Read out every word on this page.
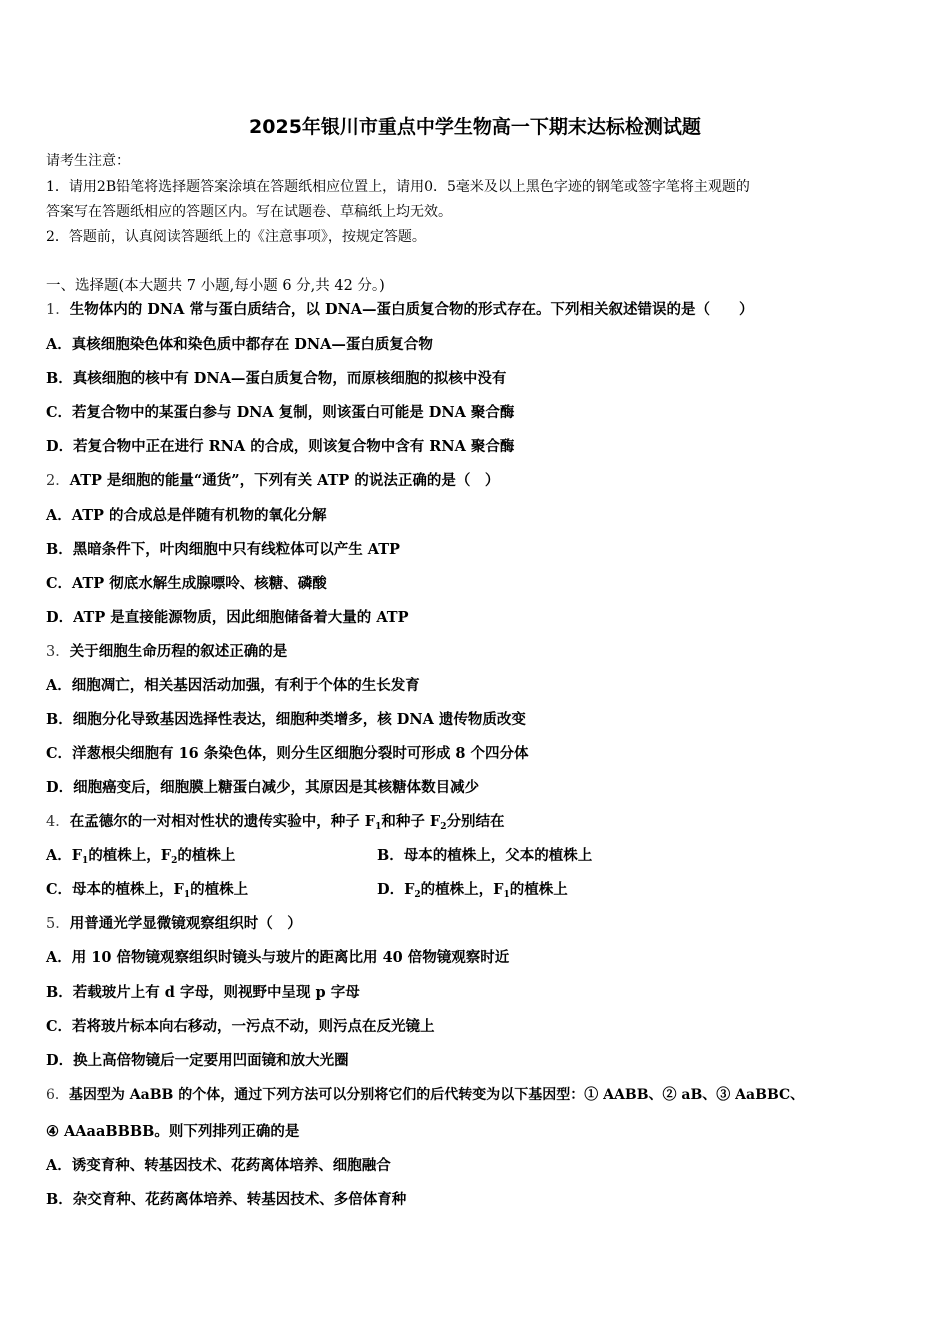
2025年银川市重点中学生物高一下期末达标检测试题
请考生注意：
1．请用2B铅笔将选择题答案涂填在答题纸相应位置上，请用0．5毫米及以上黑色字迹的钢笔或签字笔将主观题的
答案写在答题纸相应的答题区内。写在试题卷、草稿纸上均无效。
2．答题前，认真阅读答题纸上的《注意事项》，按规定答题。
一、选择题(本大题共 7 小题,每小题 6 分,共 42 分。)
1．生物体内的 DNA 常与蛋白质结合，以 DNA—蛋白质复合物的形式存在。下列相关叙述错误的是（　　）
A．真核细胞染色体和染色质中都存在 DNA—蛋白质复合物
B．真核细胞的核中有 DNA—蛋白质复合物，而原核细胞的拟核中没有
C．若复合物中的某蛋白参与 DNA 复制，则该蛋白可能是 DNA 聚合酶
D．若复合物中正在进行 RNA 的合成，则该复合物中含有 RNA 聚合酶
2．ATP 是细胞的能量“通货”，下列有关 ATP 的说法正确的是（　）
A．ATP 的合成总是伴随有机物的氧化分解
B．黑暗条件下，叶肉细胞中只有线粒体可以产生 ATP
C．ATP 彻底水解生成腺嘌呤、核糖、磷酸
D．ATP 是直接能源物质，因此细胞储备着大量的 ATP
3．关于细胞生命历程的叙述正确的是
A．细胞凋亡，相关基因活动加强，有利于个体的生长发育
B．细胞分化导致基因选择性表达，细胞种类增多，核 DNA 遗传物质改变
C．洋葱根尖细胞有 16 条染色体，则分生区细胞分裂时可形成 8 个四分体
D．细胞癌变后，细胞膜上糖蛋白减少，其原因是其核糖体数目减少
4．在孟德尔的一对相对性状的遗传实验中，种子 $F_1$和种子 $F_2$分别结在
A．$F_1$的植株上，$F_2$的植株上	B．母本的植株上，父本的植株上
C．母本的植株上，$F_1$的植株上	D．$F_2$的植株上，$F_1$的植株上
5．用普通光学显微镜观察组织时（　）
A．用 10 倍物镜观察组织时镜头与玻片的距离比用 40 倍物镜观察时近
B．若载玻片上有 d 字母，则视野中呈现 p 字母
C．若将玻片标本向右移动，一污点不动，则污点在反光镜上
D．换上高倍物镜后一定要用凹面镜和放大光圈
6．基因型为 AaBB 的个体，通过下列方法可以分别将它们的后代转变为以下基因型：① AABB、② aB、③ AaBBC、
④ AAaaBBBB。则下列排列正确的是
A．诱变育种、转基因技术、花药离体培养、细胞融合
B．杂交育种、花药离体培养、转基因技术、多倍体育种
